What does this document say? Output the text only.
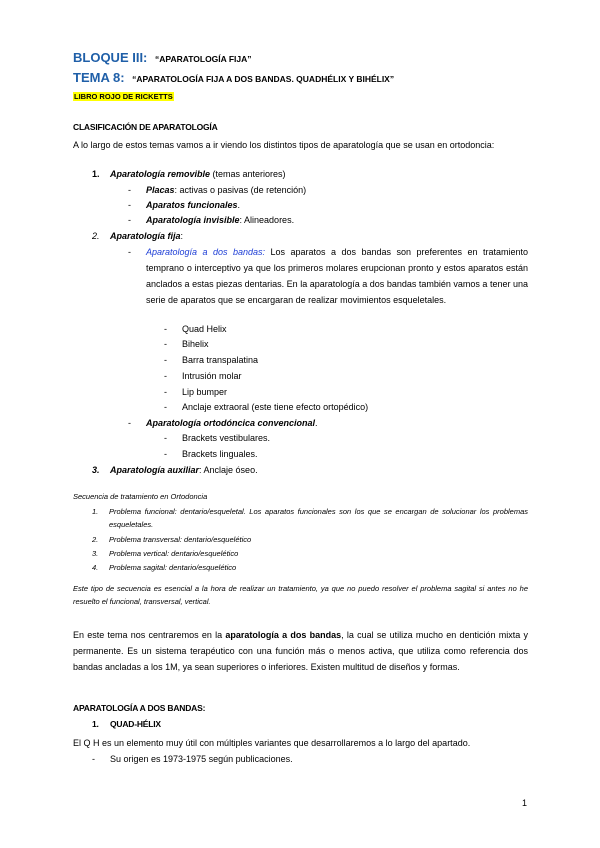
BLOQUE III: “APARATOLOGÍA FIJA”
TEMA 8: “APARATOLOGÍA FIJA A DOS BANDAS. QUADHÉLIX Y BIHÉLIX”
LIBRO ROJO DE RICKETTS
CLASIFICACIÓN DE APARATOLOGÍA
A lo largo de estos temas vamos a ir viendo los distintos tipos de aparatología que se usan en ortodoncia:
1. Aparatología removible (temas anteriores)
- Placas: activas o pasivas (de retención)
- Aparatos funcionales.
- Aparatología invisible: Alineadores.
2. Aparatología fija:
- Aparatología a dos bandas: Los aparatos a dos bandas son preferentes en tratamiento temprano o interceptivo ya que los primeros molares erupcionan pronto y estos aparatos están anclados a estas piezas dentarias. En la aparatología a dos bandas también vamos a tener una serie de aparatos que se encargaran de realizar movimientos esqueletales.
- Quad Helix
- Bihelix
- Barra transpalatina
- Intrusión molar
- Lip bumper
- Anclaje extraoral (este tiene efecto ortopédico)
- Aparatología ortodóncica convencional.
- Brackets vestibulares.
- Brackets linguales.
3. Aparatología auxiliar: Anclaje óseo.
Secuencia de tratamiento en Ortodoncia
1. Problema funcional: dentario/esqueletal. Los aparatos funcionales son los que se encargan de solucionar los problemas esqueletales.
2. Problema transversal: dentario/esquelético
3. Problema vertical: dentario/esquelético
4. Problema sagital: dentario/esquelético
Este tipo de secuencia es esencial a la hora de realizar un tratamiento, ya que no puedo resolver el problema sagital si antes no he resuelto el funcional, transversal, vertical.
En este tema nos centraremos en la aparatología a dos bandas, la cual se utiliza mucho en dentición mixta y permanente. Es un sistema terapéutico con una función más o menos activa, que utiliza como referencia dos bandas ancladas a los 1M, ya sean superiores o inferiores. Existen multitud de diseños y formas.
APARATOLOGÍA A DOS BANDAS:
1. QUAD-HÉLIX
El Q H es un elemento muy útil con múltiples variantes que desarrollaremos a lo largo del apartado.
- Su origen es 1973-1975 según publicaciones.
1
